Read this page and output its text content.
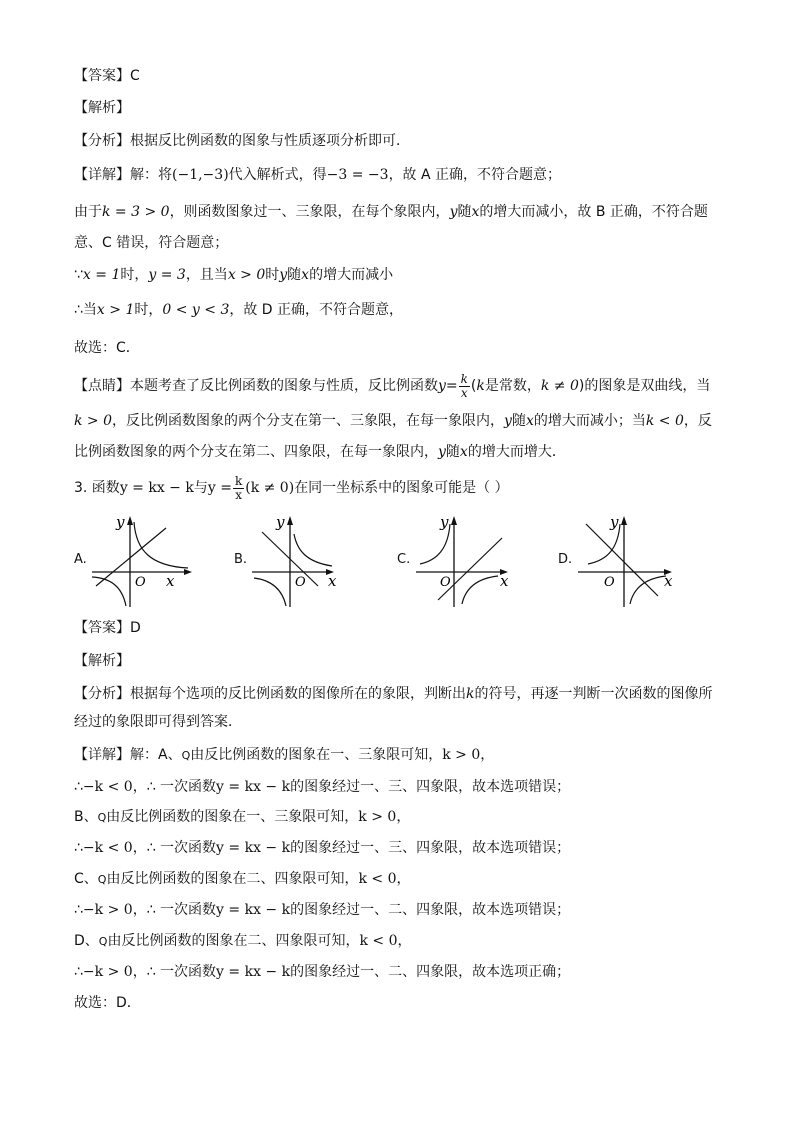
【答案】C
【解析】
【分析】根据反比例函数的图象与性质逐项分析即可．
【详解】解：将(−1,−3)代入解析式，得−3 = −3，故 A 正确，不符合题意；
由于k = 3 > 0，则函数图象过一、三象限，在每个象限内，y随x的增大而减小，故 B 正确，不符合题
意、C 错误，符合题意；
∵x = 1时，y = 3，且当x > 0时y随x的增大而减小
∴当x > 1时，0 < y < 3，故 D 正确，不符合题意，
故选：C．
【点睛】本题考查了反比例函数的图象与性质，反比例函数$y= \frac{k}{x} (k$是常数，k ≠ 0)的图象是双曲线，当
k > 0，反比例函数图象的两个分支在第一、三象限，在每一象限内，y随x的增大而减小；当k < 0，反
比例函数图象的两个分支在第二、四象限，在每一象限内，y随x的增大而增大．
3. 函数y = kx − k与$y = \frac{k}{x} (k \ne 0)$在同一坐标系中的图象可能是（ ）
A.
O x
y
B.
O x
y
C.
O	x
y
D.
O	x
y
【答案】D
【解析】
【分析】根据每个选项的反比例函数的图像所在的象限，判断出k的符号，再逐一判断一次函数的图像所
经过的象限即可得到答案．
【详解】解：A、Q由反比例函数的图象在一、三象限可知，k > 0，
∴−k < 0，∴ 一次函数y = kx − k的图象经过一、三、四象限，故本选项错误；
B、Q由反比例函数的图象在一、三象限可知，k > 0，
∴−k < 0，∴ 一次函数y = kx − k的图象经过一、三、四象限，故本选项错误；
C、Q由反比例函数的图象在二、四象限可知，k < 0，
∴−k > 0，∴ 一次函数y = kx − k的图象经过一、二、四象限，故本选项错误；
D、Q由反比例函数的图象在二、四象限可知，k < 0，
∴−k > 0，∴ 一次函数y = kx − k的图象经过一、二、四象限，故本选项正确；
故选：D．
